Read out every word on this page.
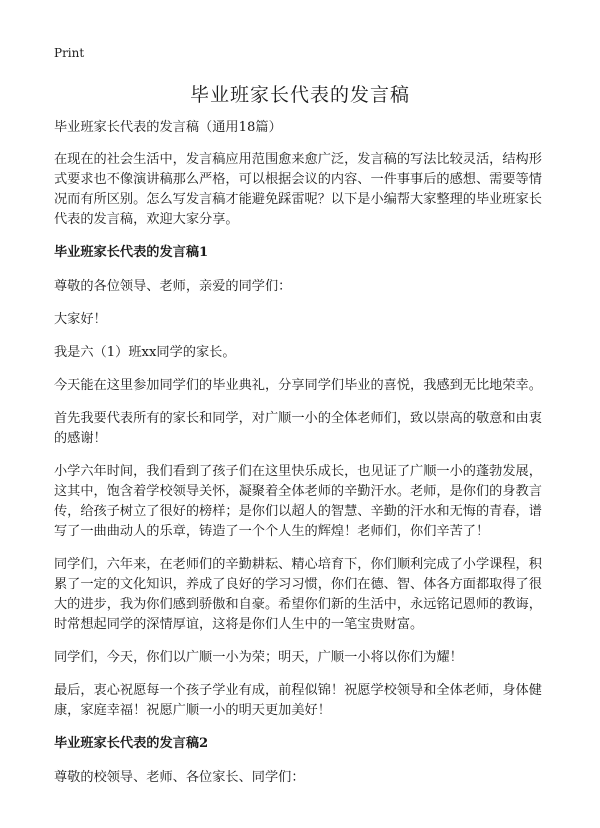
Print
毕业班家长代表的发言稿

毕业班家长代表的发言稿（通用18篇）

在现在的社会生活中，发言稿应用范围愈来愈广泛，发言稿的写法比较灵活，结构形式要求也不像演讲稿那么严格，可以根据会议的内容、一件事事后的感想、需要等情况而有所区别。怎么写发言稿才能避免踩雷呢？以下是小编帮大家整理的毕业班家长代表的发言稿，欢迎大家分享。

毕业班家长代表的发言稿1

尊敬的各位领导、老师，亲爱的同学们：

大家好！

我是六（1）班xx同学的家长。

今天能在这里参加同学们的毕业典礼，分享同学们毕业的喜悦，我感到无比地荣幸。

首先我要代表所有的家长和同学，对广顺一小的全体老师们，致以崇高的敬意和由衷的感谢！

小学六年时间，我们看到了孩子们在这里快乐成长，也见证了广顺一小的蓬勃发展，这其中，饱含着学校领导关怀，凝聚着全体老师的辛勤汗水。老师，是你们的身教言传，给孩子树立了很好的榜样；是你们以超人的智慧、辛勤的汗水和无悔的青春，谱写了一曲曲动人的乐章，铸造了一个个人生的辉煌！老师们，你们辛苦了！

同学们，六年来，在老师们的辛勤耕耘、精心培育下，你们顺利完成了小学课程，积累了一定的文化知识，养成了良好的学习习惯，你们在德、智、体各方面都取得了很大的进步，我为你们感到骄傲和自豪。希望你们新的生活中，永远铭记恩师的教诲，时常想起同学的深情厚谊，这将是你们人生中的一笔宝贵财富。

同学们，今天，你们以广顺一小为荣；明天，广顺一小将以你们为耀！

最后，衷心祝愿每一个孩子学业有成，前程似锦！祝愿学校领导和全体老师，身体健康，家庭幸福！祝愿广顺一小的明天更加美好！

毕业班家长代表的发言稿2

尊敬的校领导、老师、各位家长、同学们：
